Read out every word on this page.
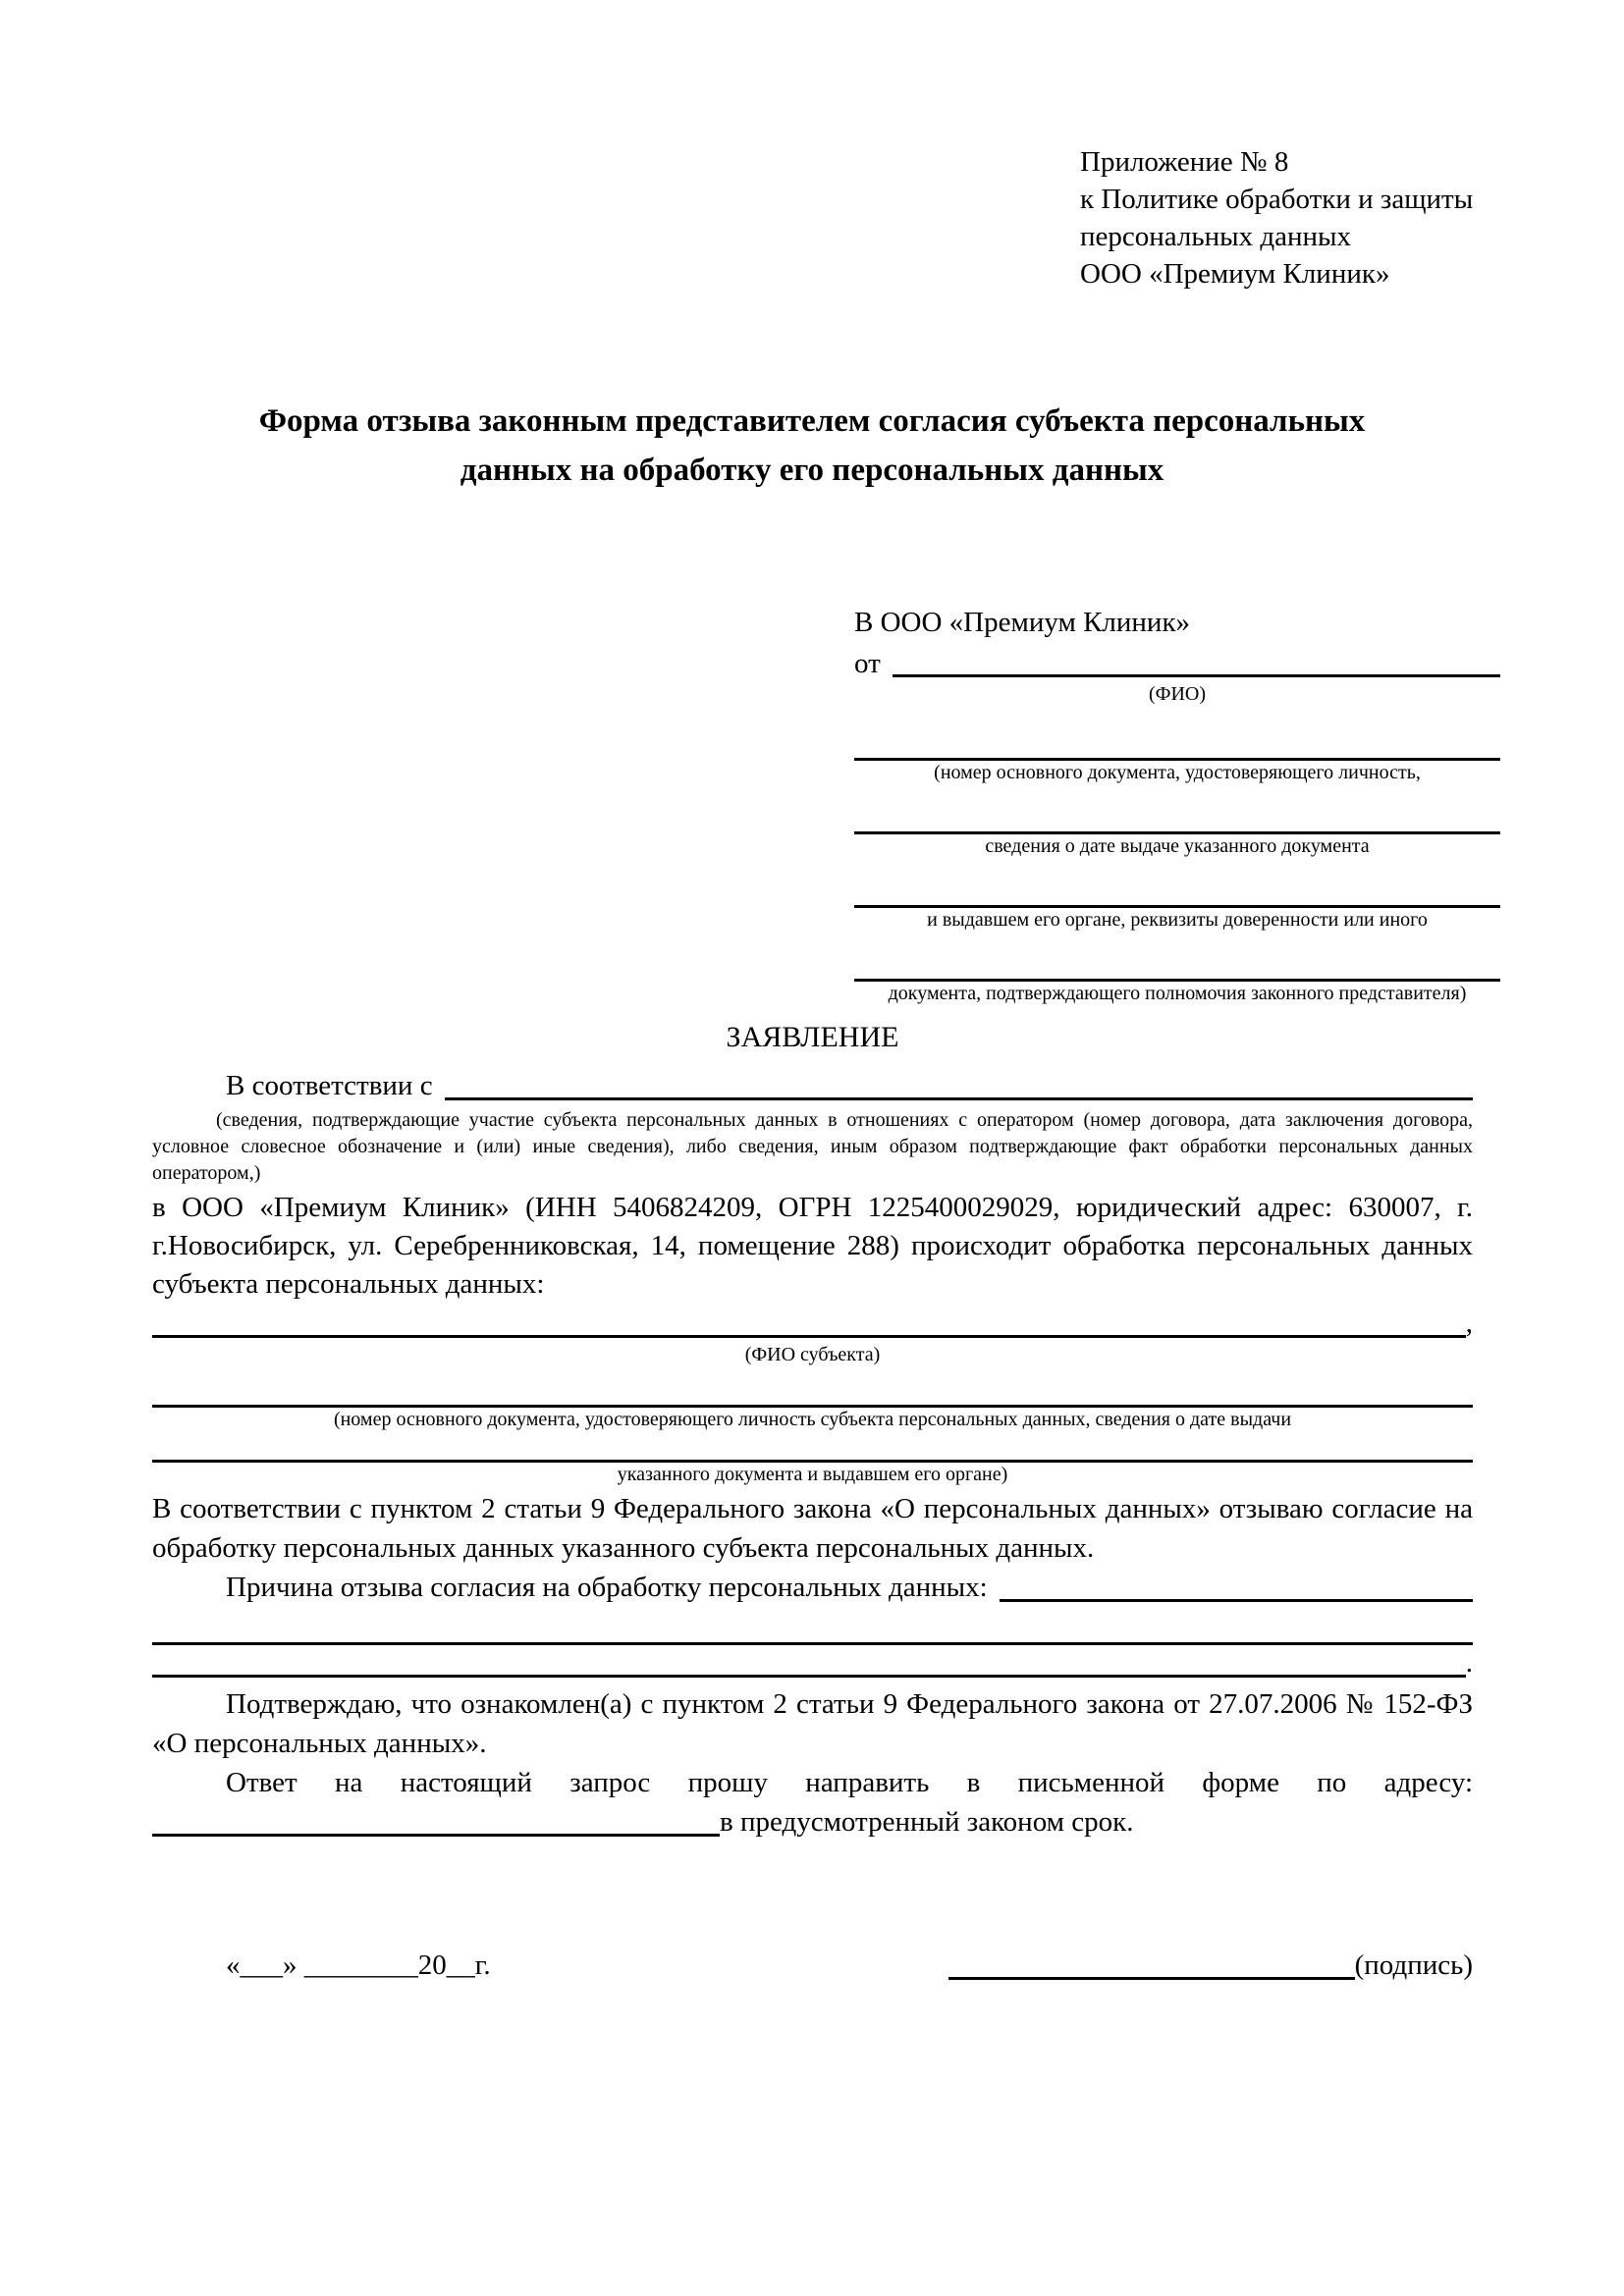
Приложение № 8
к Политике обработки и защиты
персональных данных
ООО «Премиум Клиник»
Форма отзыва законным представителем согласия субъекта персональных данных на обработку его персональных данных
В ООО «Премиум Клиник»
от
(ФИО)
(номер основного документа, удостоверяющего личность,
сведения о дате выдаче указанного документа
и выдавшем его органе, реквизиты доверенности или иного
документа, подтверждающего полномочия законного представителя)
ЗАЯВЛЕНИЕ
В соответствии с
(сведения, подтверждающие участие субъекта персональных данных в отношениях с оператором (номер договора, дата заключения договора, условное словесное обозначение и (или) иные сведения), либо сведения, иным образом подтверждающие факт обработки персональных данных оператором,)
в ООО «Премиум Клиник» (ИНН 5406824209, ОГРН 1225400029029, юридический адрес: 630007, г. г.Новосибирск, ул. Серебренниковская, 14, помещение 288) происходит обработка персональных данных субъекта персональных данных:
,
(ФИО субъекта)
(номер основного документа, удостоверяющего личность субъекта персональных данных, сведения о дате выдачи
указанного документа и выдавшем его органе)
В соответствии с пунктом 2 статьи 9 Федерального закона «О персональных данных» отзываю согласие на обработку персональных данных указанного субъекта персональных данных.
Причина отзыва согласия на обработку персональных данных:
.
Подтверждаю, что ознакомлен(а) с пунктом 2 статьи 9 Федерального закона от 27.07.2006 № 152-ФЗ «О персональных данных».
Ответ на настоящий запрос прошу направить в письменной форме по адресу:
в предусмотренный законом срок.
«___» ________20__г.	(подпись)
